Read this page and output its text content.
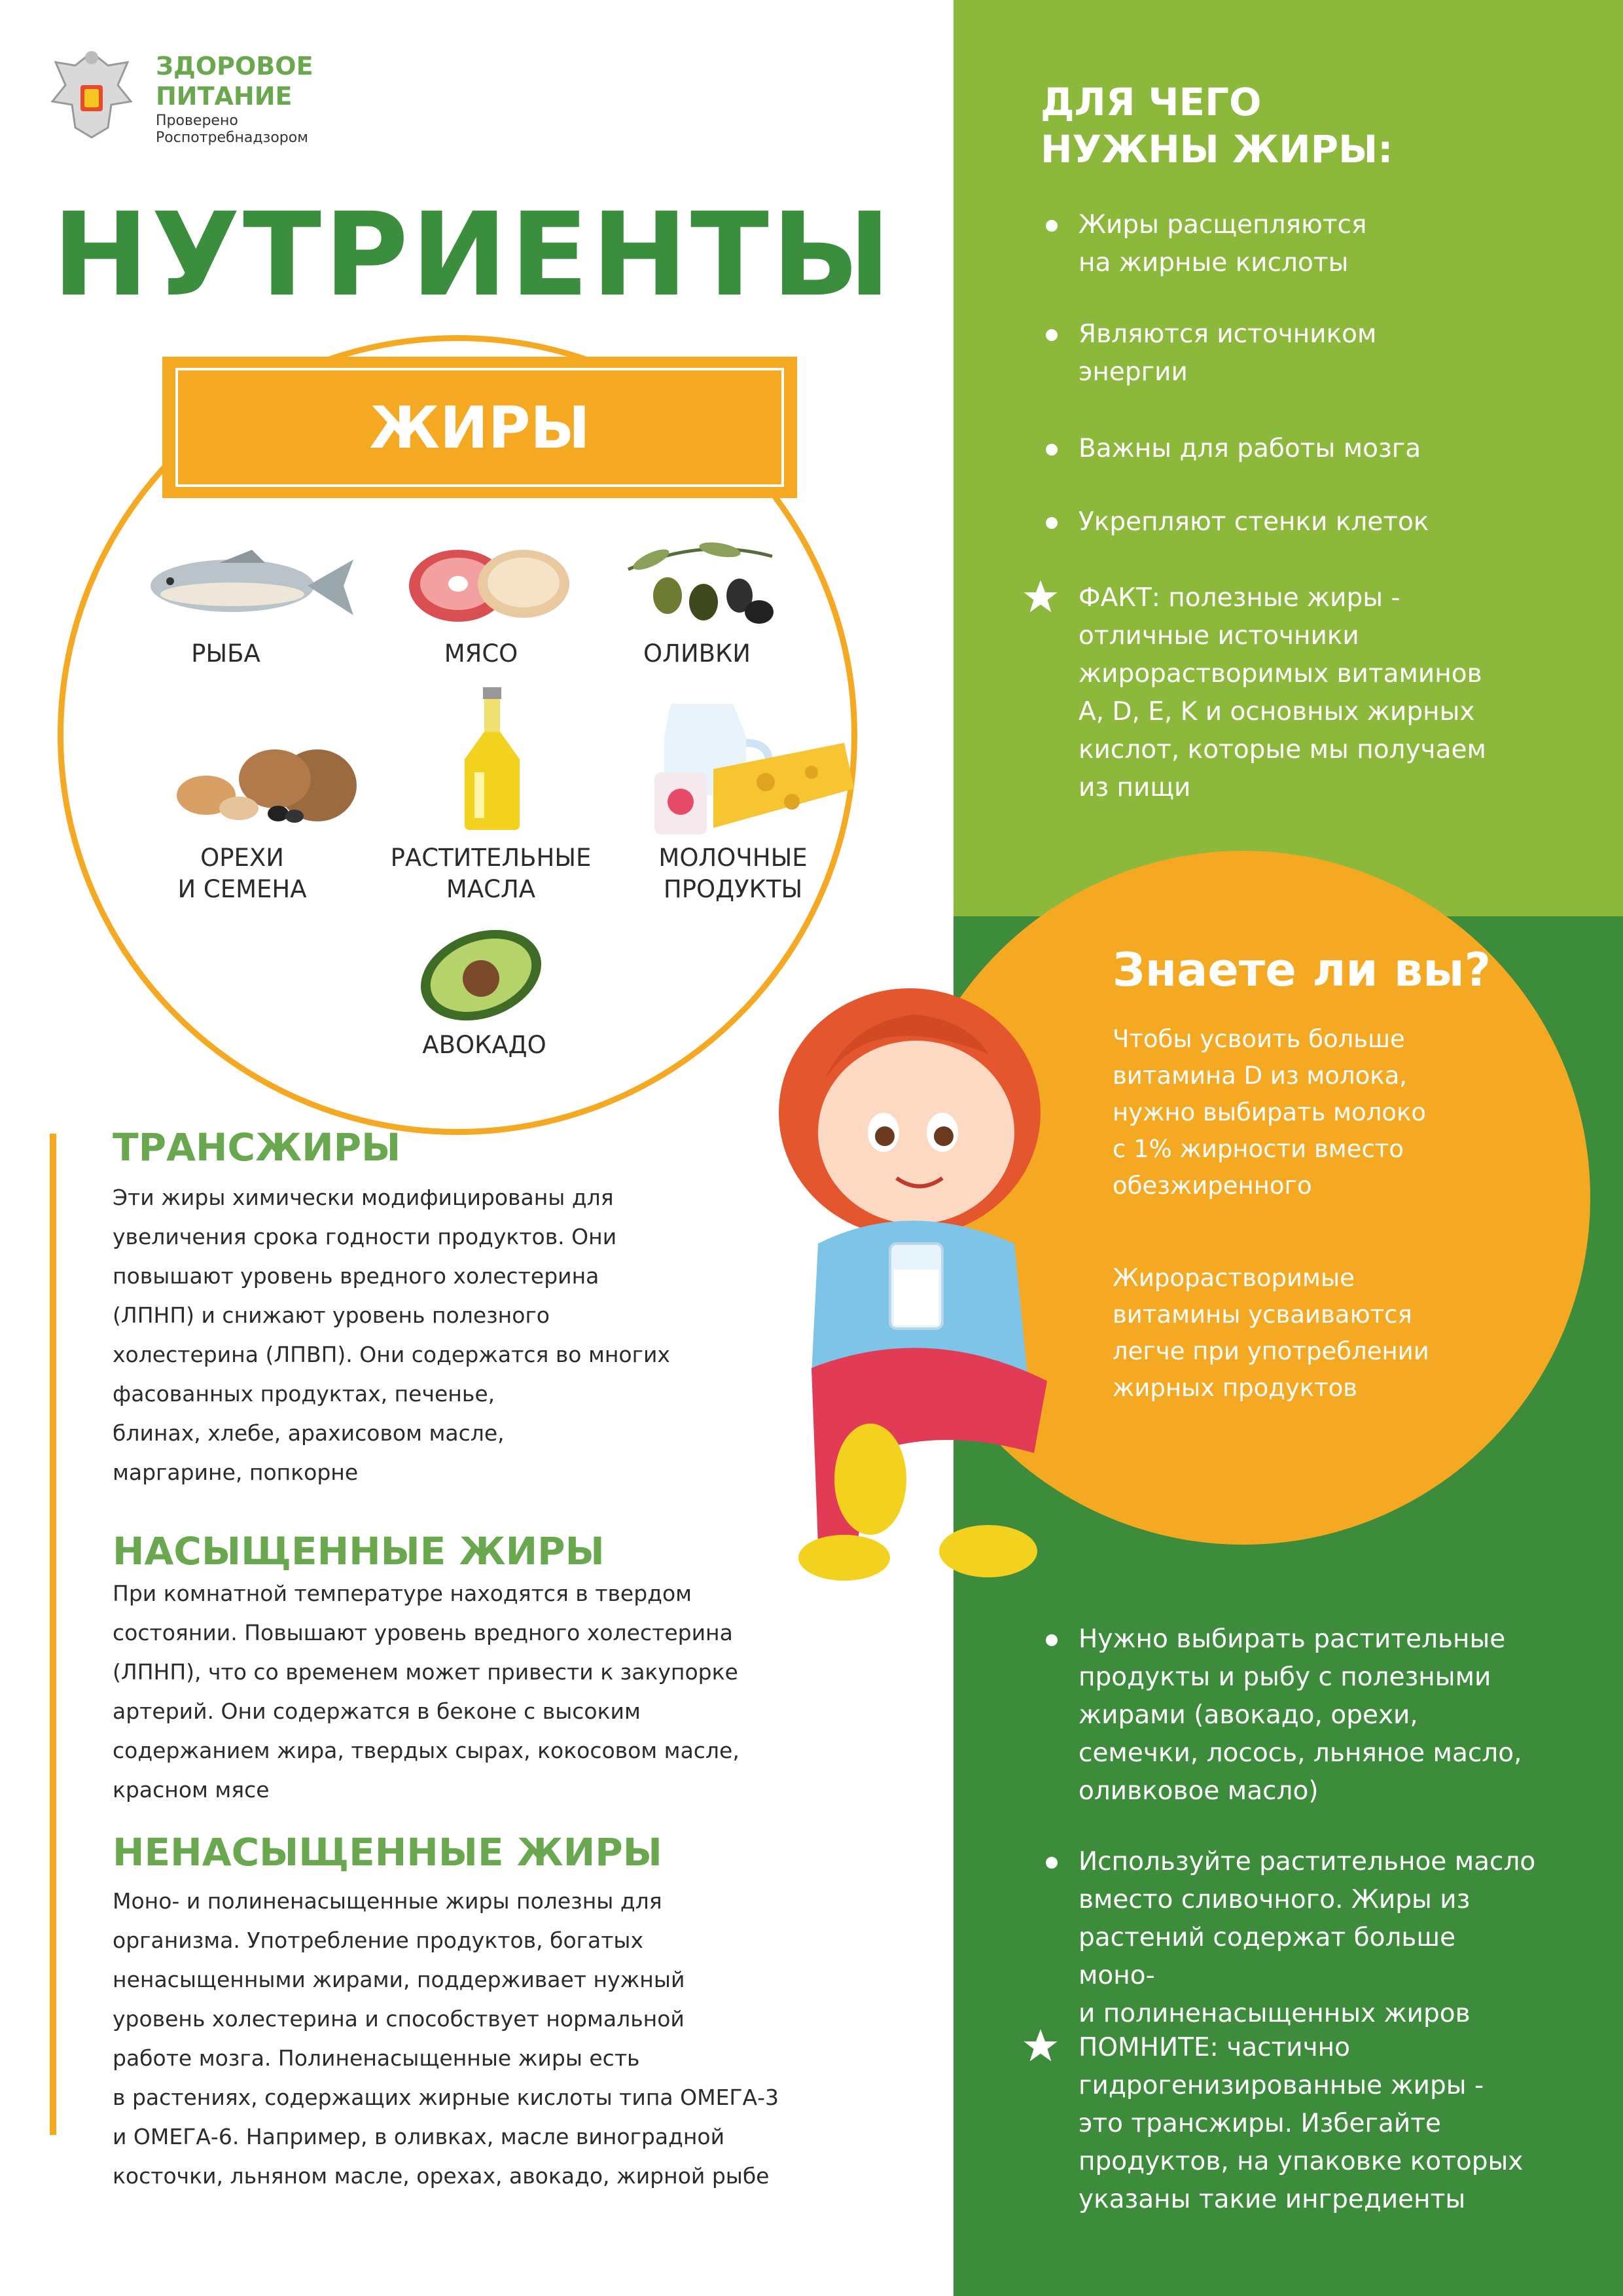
ЗДОРОВОЕ
ПИТАНИЕ
Проверено
Роспотребнадзором
НУТРИЕНТЫ
ЖИРЫ
РЫБА	МЯСО	ОЛИВКИ
ОРЕХИ
И СЕМЕНА
РАСТИТЕЛЬНЫЕ
МАСЛА
МОЛОЧНЫЕ
ПРОДУКТЫ
АВОКАДО
ТРАНСЖИРЫ
Эти жиры химически модифицированы для
увеличения срока годности продуктов. Они
повышают уровень вредного холестерина
(ЛПНП) и снижают уровень полезного
холестерина (ЛПВП). Они содержатся во многих
фасованных продуктах, печенье,
блинах, хлебе, арахисовом масле,
маргарине, попкорне
НАСЫЩЕННЫЕ ЖИРЫ
При комнатной температуре находятся в твердом
состоянии. Повышают уровень вредного холестерина
(ЛПНП), что со временем может привести к закупорке
артерий. Они содержатся в беконе с высоким
содержанием жира, твердых сырах, кокосовом масле,
красном мясе
НЕНАСЫЩЕННЫЕ ЖИРЫ
Моно- и полиненасыщенные жиры полезны для
организма. Употребление продуктов, богатых
ненасыщенными жирами, поддерживает нужный
уровень холестерина и способствует нормальной
работе мозга. Полиненасыщенные жиры есть
в растениях, содержащих жирные кислоты типа ОМЕГА-3
и ОМЕГА-6. Например, в оливках, масле виноградной
косточки, льняном масле, орехах, авокадо, жирной рыбе
ДЛЯ ЧЕГО
НУЖНЫ ЖИРЫ:
Жиры расщепляются
на жирные кислоты
Являются источником
энергии
Важны для работы мозга
Укрепляют стенки клеток
ФАКТ: полезные жиры -
отличные источники
жирорастворимых витаминов
A, D, E, K и основных жирных
кислот, которые мы получаем
из пищи
Знаете ли вы?
Чтобы усвоить больше
витамина D из молока,
нужно выбирать молоко
с 1% жирности вместо
обезжиренного
Жирорастворимые
витамины усваиваются
легче при употреблении
жирных продуктов
Нужно выбирать растительные
продукты и рыбу с полезными
жирами (авокадо, орехи,
семечки, лосось, льняное масло,
оливковое масло)
Используйте растительное масло
вместо сливочного. Жиры из
растений содержат больше моно-
и полиненасыщенных жиров
ПОМНИТЕ: частично
гидрогенизированные жиры -
это трансжиры. Избегайте
продуктов, на упаковке которых
указаны такие ингредиенты
